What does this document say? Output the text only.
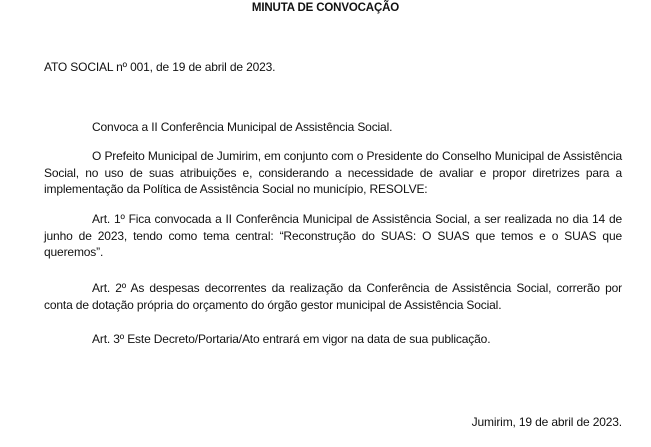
MINUTA DE CONVOCAÇÃO

ATO SOCIAL nº 001, de 19 de abril de 2023.

Convoca a II Conferência Municipal de Assistência Social.

O Prefeito Municipal de Jumirim, em conjunto com o Presidente do Conselho Municipal de Assistência Social, no uso de suas atribuições e, considerando a necessidade de avaliar e propor diretrizes para a implementação da Política de Assistência Social no município, RESOLVE:

Art. 1º Fica convocada a II Conferência Municipal de Assistência Social, a ser realizada no dia 14 de junho de 2023, tendo como tema central: “Reconstrução do SUAS: O SUAS que temos e o SUAS que queremos”.

Art. 2º As despesas decorrentes da realização da Conferência de Assistência Social, correrão por conta de dotação própria do orçamento do órgão gestor municipal de Assistência Social.

Art. 3º Este Decreto/Portaria/Ato entrará em vigor na data de sua publicação.

Jumirim, 19 de abril de 2023.
